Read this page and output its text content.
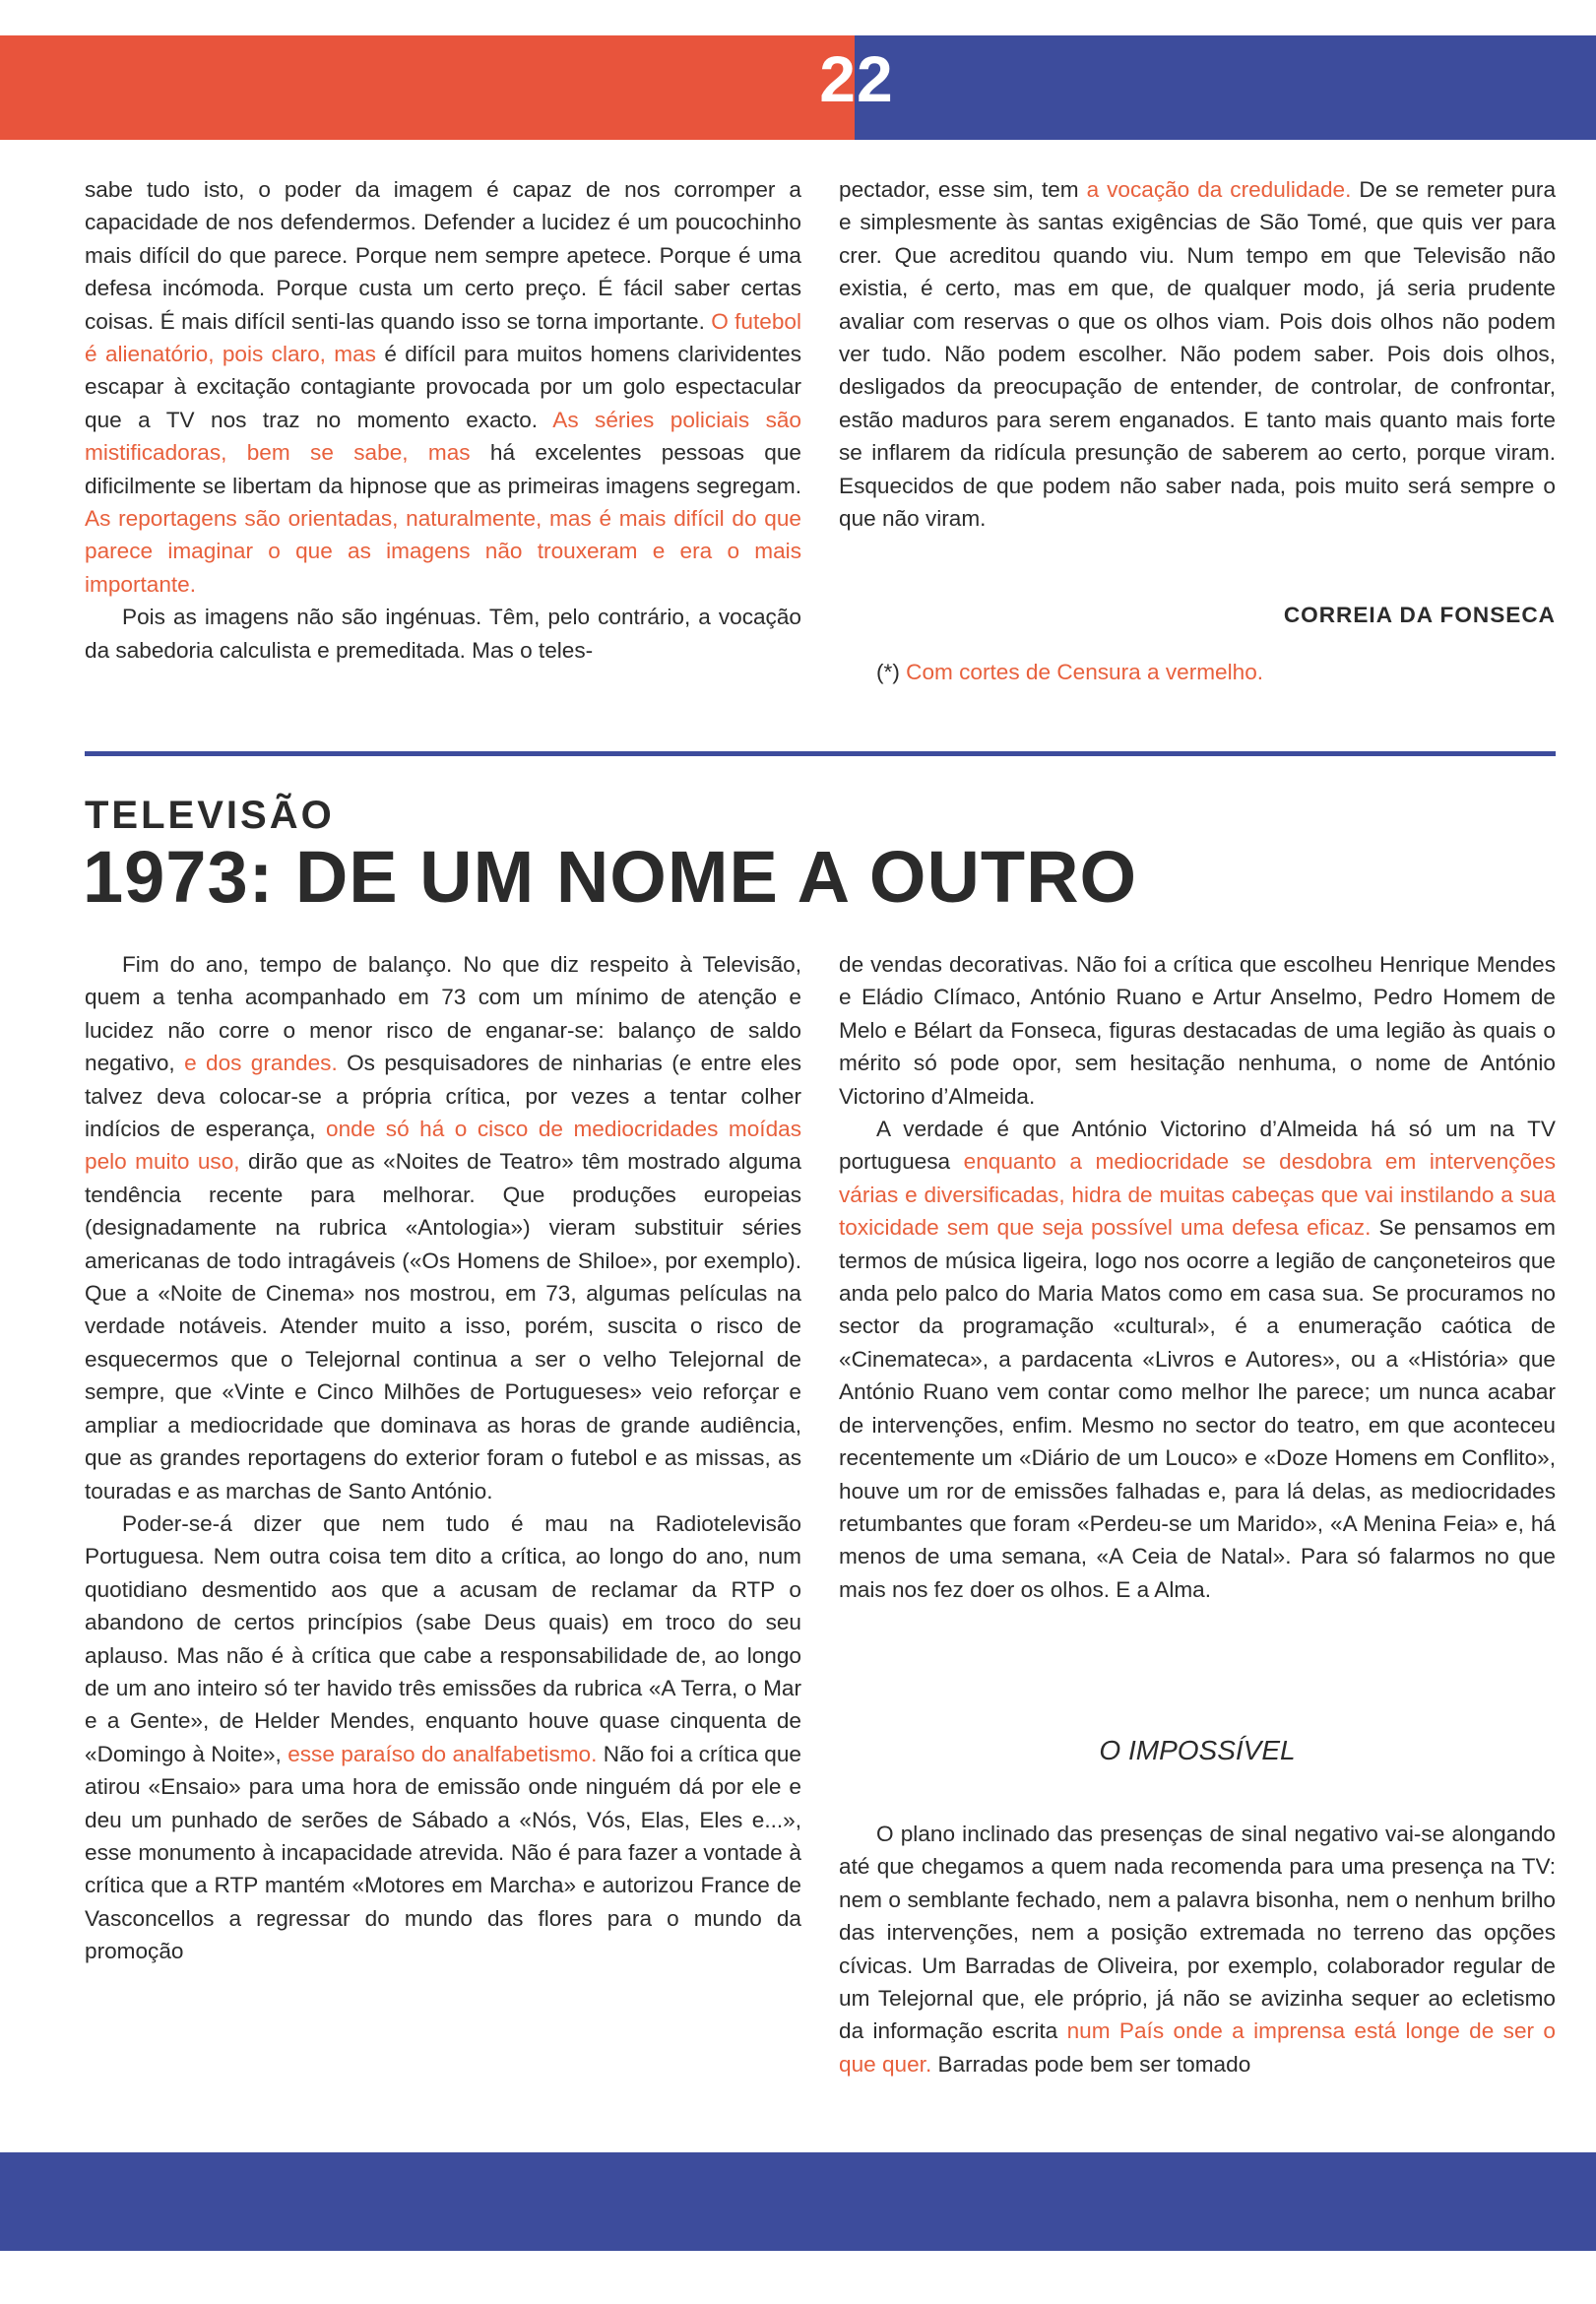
22

sabe tudo isto, o poder da imagem é capaz de nos corromper a capacidade de nos defendermos. Defender a lucidez é um poucochinho mais difícil do que parece. Porque nem sempre apetece. Porque é uma defesa incómoda. Porque custa um certo preço. É fácil saber certas coisas. É mais difícil senti-las quando isso se torna importante. O futebol é alienatório, pois claro, mas é difícil para muitos homens clarividentes escapar à excitação contagiante provocada por um golo espectacular que a TV nos traz no momento exacto. As séries policiais são mistificadoras, bem se sabe, mas há excelentes pessoas que dificilmente se libertam da hipnose que as primeiras imagens segregam. As reportagens são orientadas, naturalmente, mas é mais difícil do que parece imaginar o que as imagens não trouxeram e era o mais importante.

Pois as imagens não são ingénuas. Têm, pelo contrário, a vocação da sabedoria calculista e premeditada. Mas o teles-

pectador, esse sim, tem a vocação da credulidade. De se remeter pura e simplesmente às santas exigências de São Tomé, que quis ver para crer. Que acreditou quando viu. Num tempo em que Televisão não existia, é certo, mas em que, de qualquer modo, já seria prudente avaliar com reservas o que os olhos viam. Pois dois olhos não podem ver tudo. Não podem escolher. Não podem saber. Pois dois olhos, desligados da preocupação de entender, de controlar, de confrontar, estão maduros para serem enganados. E tanto mais quanto mais forte se inflarem da ridícula presunção de saberem ao certo, porque viram. Esquecidos de que podem não saber nada, pois muito será sempre o que não viram.

CORREIA DA FONSECA
(*) Com cortes de Censura a vermelho.
TELEVISÃO
1973: DE UM NOME A OUTRO

Fim do ano, tempo de balanço. No que diz respeito à Televisão, quem a tenha acompanhado em 73 com um mínimo de atenção e lucidez não corre o menor risco de enganar-se: balanço de saldo negativo, e dos grandes. Os pesquisadores de ninharias (e entre eles talvez deva colocar-se a própria crítica, por vezes a tentar colher indícios de esperança, onde só há o cisco de mediocridades moídas pelo muito uso, dirão que as «Noites de Teatro» têm mostrado alguma tendência recente para melhorar. Que produções europeias (designadamente na rubrica «Antologia») vieram substituir séries americanas de todo intragáveis («Os Homens de Shiloe», por exemplo). Que a «Noite de Cinema» nos mostrou, em 73, algumas películas na verdade notáveis. Atender muito a isso, porém, suscita o risco de esquecermos que o Telejornal continua a ser o velho Telejornal de sempre, que «Vinte e Cinco Milhões de Portugueses» veio reforçar e ampliar a mediocridade que dominava as horas de grande audiência, que as grandes reportagens do exterior foram o futebol e as missas, as touradas e as marchas de Santo António.

Poder-se-á dizer que nem tudo é mau na Radiotelevisão Portuguesa. Nem outra coisa tem dito a crítica, ao longo do ano, num quotidiano desmentido aos que a acusam de reclamar da RTP o abandono de certos princípios (sabe Deus quais) em troco do seu aplauso. Mas não é à crítica que cabe a responsabilidade de, ao longo de um ano inteiro só ter havido três emissões da rubrica «A Terra, o Mar e a Gente», de Helder Mendes, enquanto houve quase cinquenta de «Domingo à Noite», esse paraíso do analfabetismo. Não foi a crítica que atirou «Ensaio» para uma hora de emissão onde ninguém dá por ele e deu um punhado de serões de Sábado a «Nós, Vós, Elas, Eles e...», esse monumento à incapacidade atrevida. Não é para fazer a vontade à crítica que a RTP mantém «Motores em Marcha» e autorizou France de Vasconcellos a regressar do mundo das flores para o mundo da promoção

de vendas decorativas. Não foi a crítica que escolheu Henrique Mendes e Eládio Clímaco, António Ruano e Artur Anselmo, Pedro Homem de Melo e Bélart da Fonseca, figuras destacadas de uma legião às quais o mérito só pode opor, sem hesitação nenhuma, o nome de António Victorino d’Almeida.

A verdade é que António Victorino d’Almeida há só um na TV portuguesa enquanto a mediocridade se desdobra em intervenções várias e diversificadas, hidra de muitas cabeças que vai instilando a sua toxicidade sem que seja possível uma defesa eficaz. Se pensamos em termos de música ligeira, logo nos ocorre a legião de cançoneteiros que anda pelo palco do Maria Matos como em casa sua. Se procuramos no sector da programação «cultural», é a enumeração caótica de «Cinemateca», a pardacenta «Livros e Autores», ou a «História» que António Ruano vem contar como melhor lhe parece; um nunca acabar de intervenções, enfim. Mesmo no sector do teatro, em que aconteceu recentemente um «Diário de um Louco» e «Doze Homens em Conflito», houve um ror de emissões falhadas e, para lá delas, as mediocridades retumbantes que foram «Perdeu-se um Marido», «A Menina Feia» e, há menos de uma semana, «A Ceia de Natal». Para só falarmos no que mais nos fez doer os olhos. E a Alma.

O IMPOSSÍVEL

O plano inclinado das presenças de sinal negativo vai-se alongando até que chegamos a quem nada recomenda para uma presença na TV: nem o semblante fechado, nem a palavra bisonha, nem o nenhum brilho das intervenções, nem a posição extremada no terreno das opções cívicas. Um Barradas de Oliveira, por exemplo, colaborador regular de um Telejornal que, ele próprio, já não se avizinha sequer ao ecletismo da informação escrita num País onde a imprensa está longe de ser o que quer. Barradas pode bem ser tomado
